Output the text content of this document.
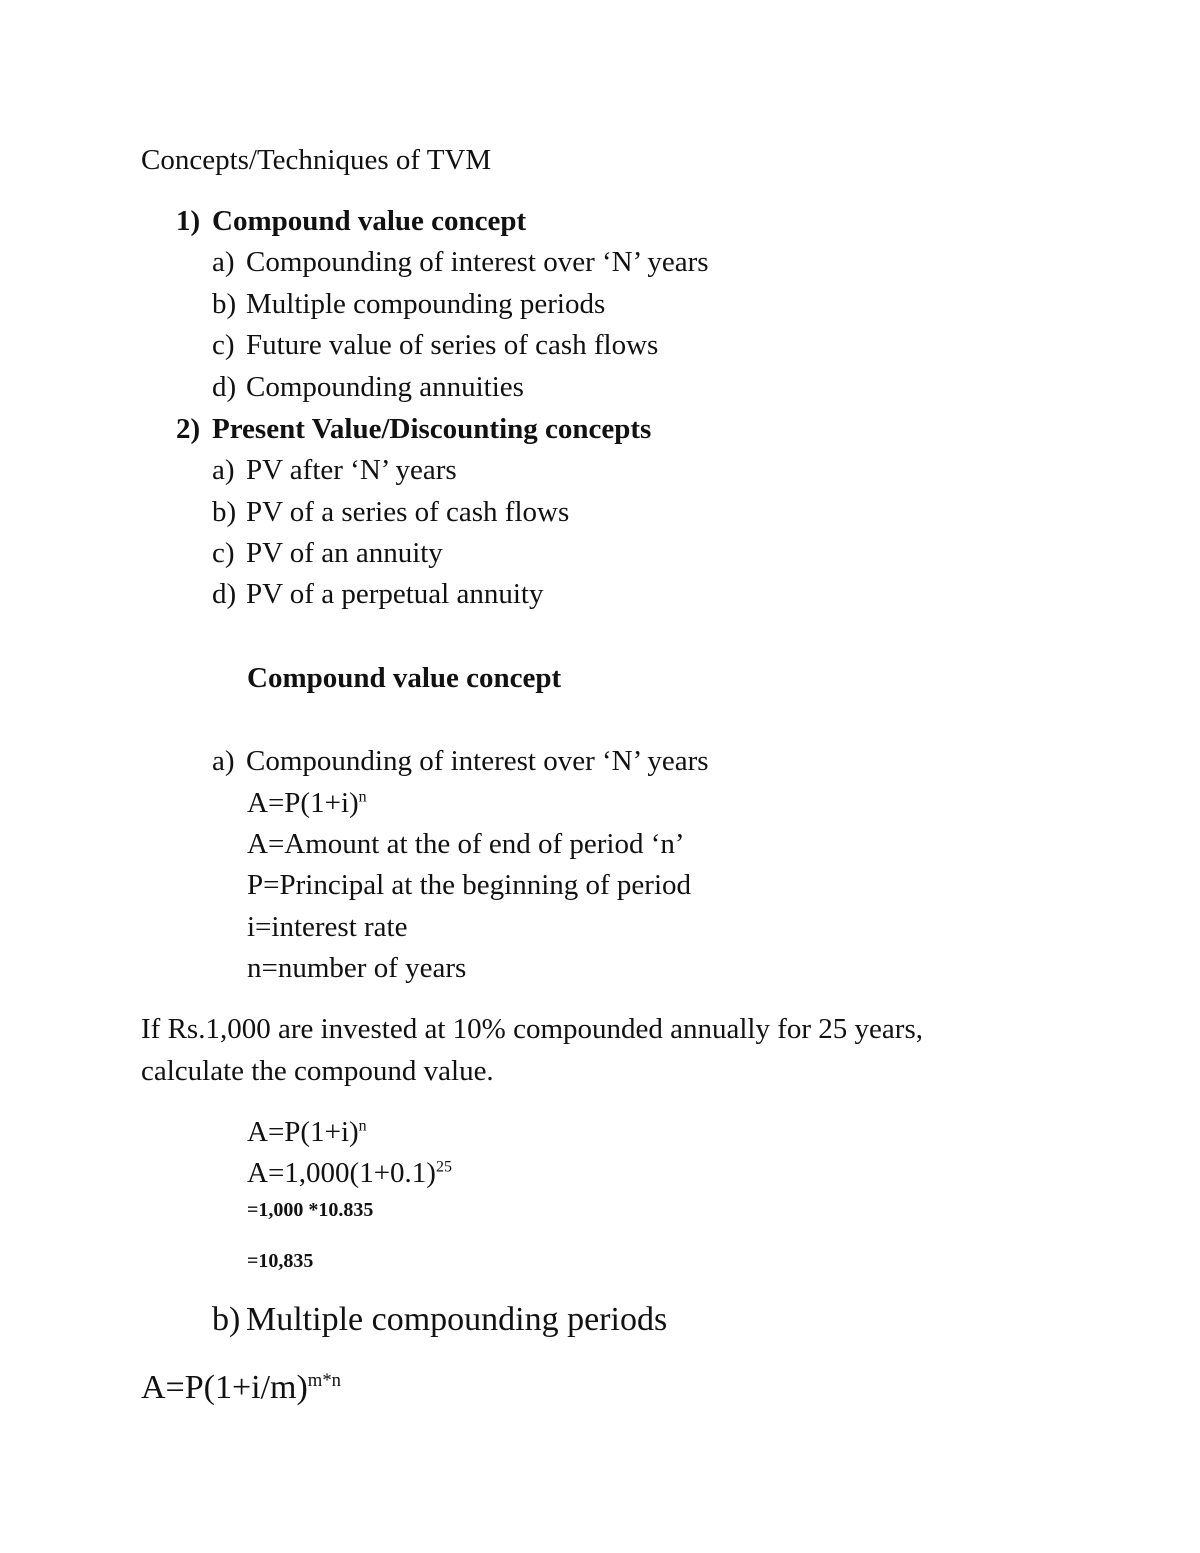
Concepts/Techniques of TVM
1) Compound value concept
a) Compounding of interest over ‘N’ years
b) Multiple compounding periods
c) Future value of series of cash flows
d) Compounding annuities
2) Present Value/Discounting concepts
a) PV after ‘N’ years
b) PV of a series of cash flows
c) PV of an annuity
d) PV of a perpetual annuity
Compound value concept
a) Compounding of interest over ‘N’ years
$A=P(1+i)^n$
A=Amount at the of end of period ‘n’
P=Principal at the beginning of period
i=interest rate
n=number of years
If Rs.1,000 are invested at 10% compounded annually for 25 years,
calculate the compound value.
$A=P(1+i)^n$
$A=1,000(1+0.1)^{25}$
=1,000 *10.835
=10,835
b) Multiple compounding periods
$A=P(1+i/m)^{m*n}$
